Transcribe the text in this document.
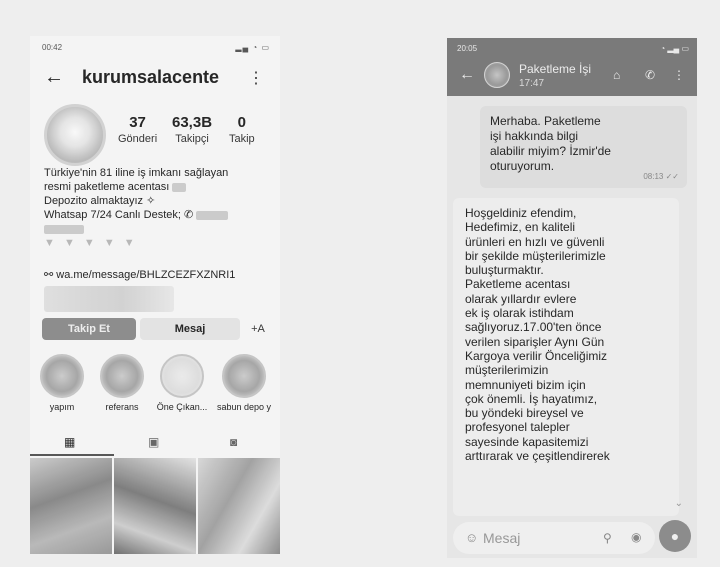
00:42	▂▄ ◔ ▭
← kurumsalacente ⋮
37
Gönderi
63,3B
Takipçi
0
Takip
Türkiye'nin 81 iline iş imkanı sağlayan
resmi paketleme acentası
Depozito almaktayız ✧
Whatsap 7/24 Canlı Destek; ✆
▼ ▼ ▼ ▼ ▼
⚯ wa.me/message/BHLZCEZFXZNRI1
Takip Et	Mesaj	+A
yapım	referans	Öne Çıkan...	sabun depo y
▦	▣	◙
20:05	◔ ▂▄ ▭
←	Paketleme İşi
17:47
⌂ ✆ ⋮
Merhaba. Paketleme
işi hakkında bilgi
alabilir miyim? İzmir'de
oturuyorum.
08:13 ✓✓
Hoşgeldiniz efendim,
Hedefimiz, en kaliteli
ürünleri en hızlı ve güvenli
bir şekilde müşterilerimizle
buluşturmaktır.
Paketleme acentası
olarak yıllardır evlere
ek iş olarak istihdam
sağlıyoruz.17.00'ten önce
verilen siparişler Aynı Gün
Kargoya verilir Önceliğimiz
müşterilerimizin
memnuniyeti bizim için
çok önemli. İş hayatımız,
bu yöndeki bireysel ve
profesyonel talepler
sayesinde kapasitemizi
arttırarak ve çeşitlendirerek
⌄
☺ Mesaj	⚲ ◉ ●
